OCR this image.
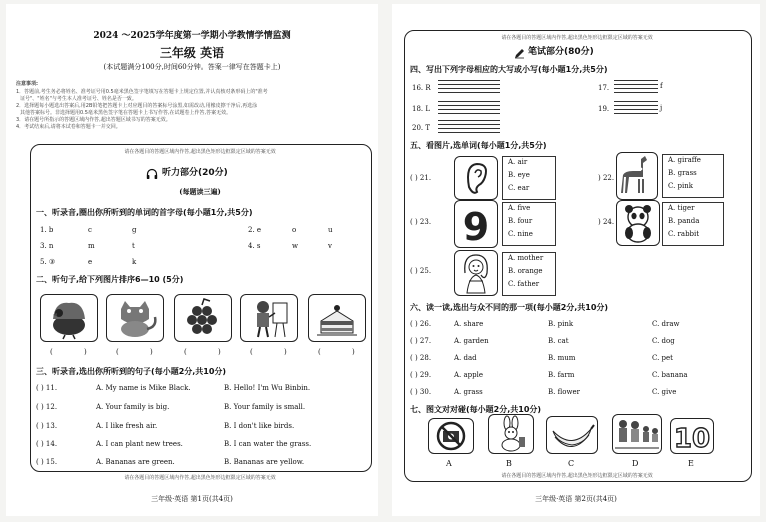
2024 ～2025学年度第一学期小学教情学情监测
三年级 英语
(本试题满分100分,时间60分钟。答案一律写在答题卡上)
注意事项:
1．答题前,考生务必将姓名、准考证号用0.5毫米黑色签字笔填写在答题卡上规定位置,并认真核对条形码上的"准考
证号"、"姓名"与考生本人准考证号、姓名是否一致。
2．选择题每小题选出答案后,用2B铅笔把答题卡上对应题目的答案标号涂黑,如需改动,用橡皮擦干净后,再选涂
其他答案标号。非选择题用0.5毫米黑色签字笔在答题卡上书写作答,在试题卷上作答,答案无效。
3．请在题号所指示的答题区域内作答,超出答题区域书写的答案无效。
4．考试结束后,请将本试卷和答题卡一并交回。
请在各题目的答题区域内作答,超出黑色矩形边框限定区域的答案无效
听力部分(20分)
(每题读三遍)
一、听录音,圈出你所听到的单词的首字母(每小题1分,共5分)
1. b	c	g	2. e	o	u
3. n	m	t	4. s	w	v
5. ③	e	k
二、听句子,给下列图片排序6—10 (5分)
(	)	(	)	(	)	(	)	(	)
三、听录音,选出你所听到的句子(每小题2分,共10分)
( ) 11.	A. My name is Mike Black.	B. Hello! I'm Wu Binbin.
( ) 12.	A. Your family is big.	B. Your family is small.
( ) 13.	A. I like fresh air.	B. I don't like birds.
( ) 14.	A. I can plant new trees.	B. I can water the grass.
( ) 15.	A. Bananas are green.	B. Bananas are yellow.
请在各题目的答题区域内作答,超出黑色矩形边框限定区域的答案无效
三年级·英语 第1页(共4页)
请在各题目的答题区域内作答,超出黑色矩形边框限定区域的答案无效
笔试部分(80分)
四、写出下列字母相应的大写或小写(每小题1分,共5分)
16. R	17.	f
18. L	19.	j
20. T
五、看图片,选单词(每小题1分,共5分)
( ) 21.
A. air
B. eye
C. ear
) 22.
A. giraffe
B. grass
C. pink
( ) 23. 9	A. five
B. four
C. nine
) 24.
A. tiger
B. panda
C. rabbit
( ) 25.
A. mother
B. orange
C. father
六、读一读,选出与众不同的那一项(每小题2分,共10分)
( ) 26.	A. share	B. pink	C. draw
( ) 27.	A. garden	B. cat	C. dog
( ) 28.	A. dad	B. mum	C. pet
( ) 29.	A. apple	B. farm	C. banana
( ) 30.	A. grass	B. flower	C. give
七、图文对对碰(每小题2分,共10分)
10
A	B	C	D	E
请在各题目的答题区域内作答,超出黑色矩形边框限定区域的答案无效
三年级·英语 第2页(共4页)
